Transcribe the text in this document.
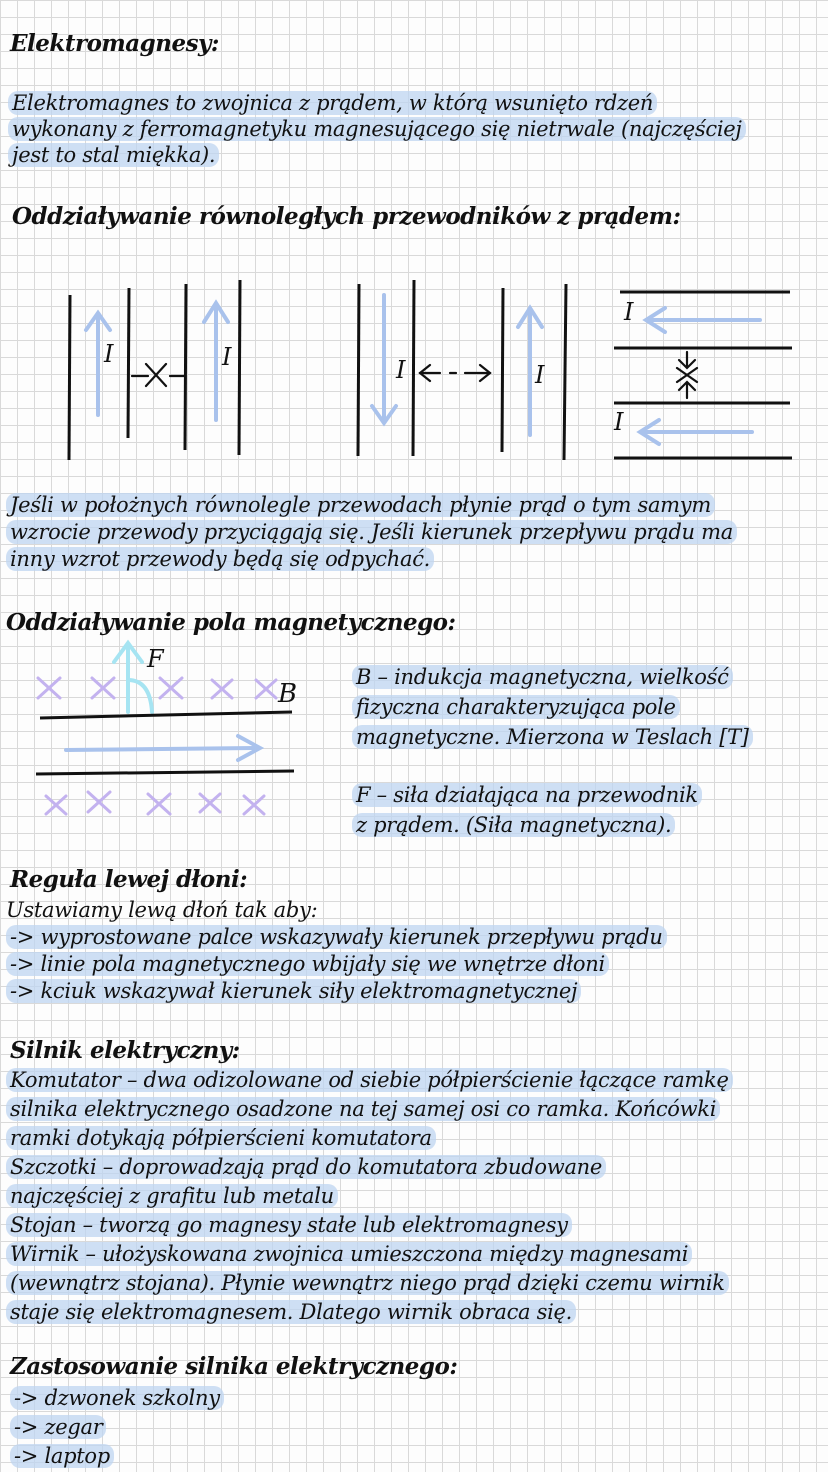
Elektromagnesy:
Elektromagnes to zwojnica z prądem, w którą wsunięto rdzeń
wykonany z ferromagnetyku magnesującego się nietrwale (najczęściej
jest to stal miękka).
Oddziaływanie równoległych przewodników z prądem:
I	I	I	I
I
I
Jeśli w położnych równolegle przewodach płynie prąd o tym samym
wzrocie przewody przyciągają się. Jeśli kierunek przepływu prądu ma
inny wzrot przewody będą się odpychać.
Oddziaływanie pola magnetycznego:
B
F
B – indukcja magnetyczna, wielkość
fizyczna charakteryzująca pole
magnetyczne. Mierzona w Teslach [T]
F – siła działająca na przewodnik
z prądem. (Siła magnetyczna).
Reguła lewej dłoni:
Ustawiamy lewą dłoń tak aby:
-> wyprostowane palce wskazywały kierunek przepływu prądu
-> linie pola magnetycznego wbijały się we wnętrze dłoni
-> kciuk wskazywał kierunek siły elektromagnetycznej
Silnik elektryczny:
Komutator – dwa odizolowane od siebie półpierścienie łączące ramkę
silnika elektrycznego osadzone na tej samej osi co ramka. Końcówki
ramki dotykają półpierścieni komutatora
Szczotki – doprowadzają prąd do komutatora zbudowane
najczęściej z grafitu lub metalu
Stojan – tworzą go magnesy stałe lub elektromagnesy
Wirnik – ułożyskowana zwojnica umieszczona między magnesami
(wewnątrz stojana). Płynie wewnątrz niego prąd dzięki czemu wirnik
staje się elektromagnesem. Dlatego wirnik obraca się.
Zastosowanie silnika elektrycznego:
-> dzwonek szkolny
-> zegar
-> laptop
